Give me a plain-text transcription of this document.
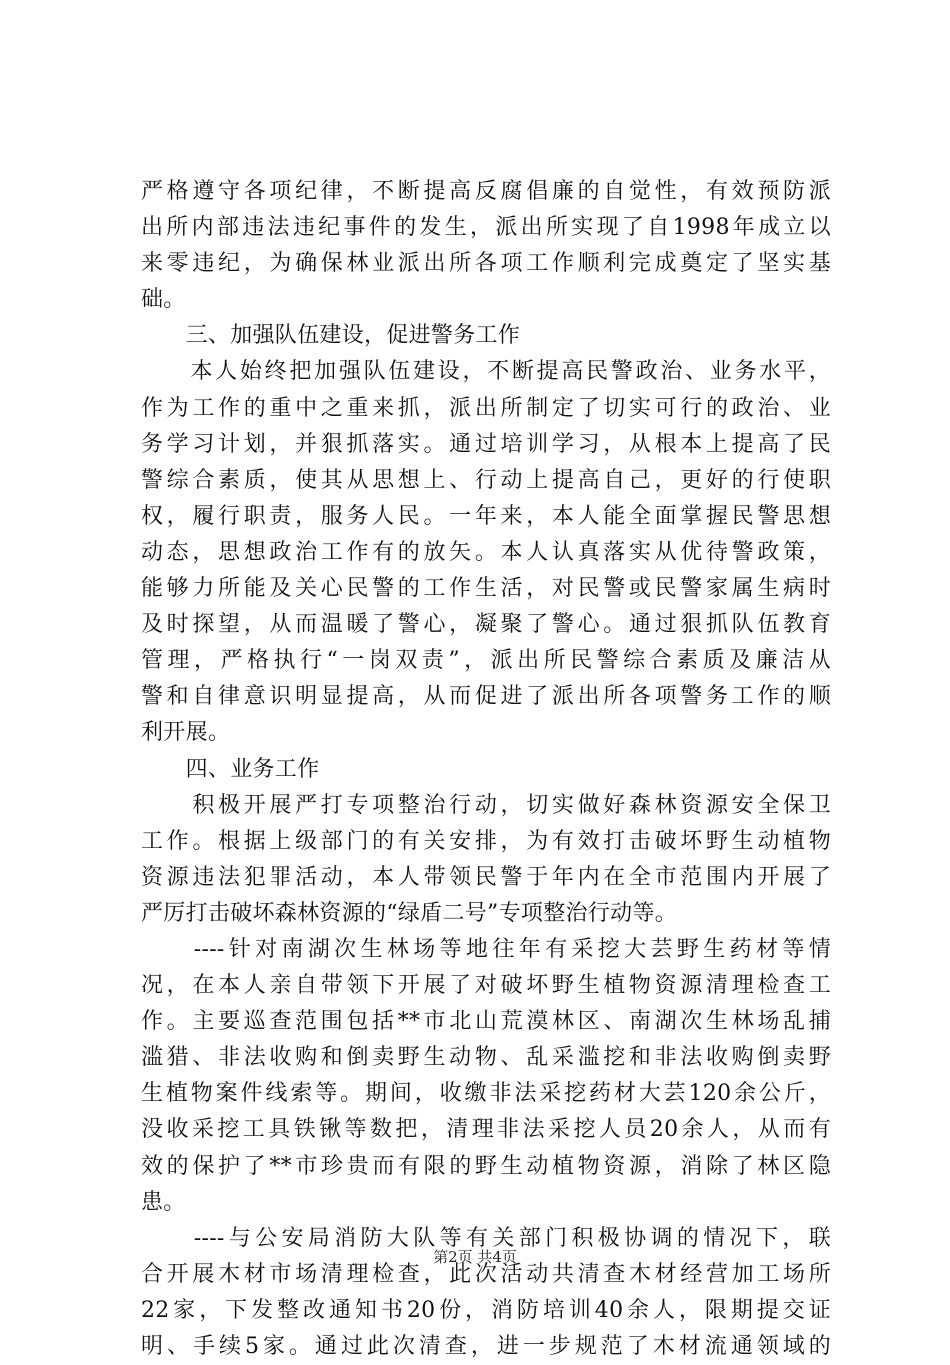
严格遵守各项纪律，不断提高反腐倡廉的自觉性，有效预防派
出所内部违法违纪事件的发生，派出所实现了自1998年成立以
来零违纪，为确保林业派出所各项工作顺利完成奠定了坚实基
础。
　　三、加强队伍建设，促进警务工作
　　本人始终把加强队伍建设，不断提高民警政治、业务水平，
作为工作的重中之重来抓，派出所制定了切实可行的政治、业
务学习计划，并狠抓落实。通过培训学习，从根本上提高了民
警综合素质，使其从思想上、行动上提高自己，更好的行使职
权，履行职责，服务人民。一年来，本人能全面掌握民警思想
动态，思想政治工作有的放矢。本人认真落实从优待警政策，
能够力所能及关心民警的工作生活，对民警或民警家属生病时
及时探望，从而温暖了警心，凝聚了警心。通过狠抓队伍教育
管理，严格执行“一岗双责”，派出所民警综合素质及廉洁从
警和自律意识明显提高，从而促进了派出所各项警务工作的顺
利开展。
　　四、业务工作
　　积极开展严打专项整治行动，切实做好森林资源安全保卫
工作。根据上级部门的有关安排，为有效打击破坏野生动植物
资源违法犯罪活动，本人带领民警于年内在全市范围内开展了
严厉打击破坏森林资源的“绿盾二号”专项整治行动等。
　　----针对南湖次生林场等地往年有采挖大芸野生药材等情
况，在本人亲自带领下开展了对破坏野生植物资源清理检查工
作。主要巡查范围包括**市北山荒漠林区、南湖次生林场乱捕
滥猎、非法收购和倒卖野生动物、乱采滥挖和非法收购倒卖野
生植物案件线索等。期间，收缴非法采挖药材大芸120余公斤，
没收采挖工具铁锹等数把，清理非法采挖人员20余人，从而有
效的保护了**市珍贵而有限的野生动植物资源，消除了林区隐
患。
　　----与公安局消防大队等有关部门积极协调的情况下，联
合开展木材市场清理检查，此次活动共清查木材经营加工场所
22家，下发整改通知书20份，消防培训40余人，限期提交证
明、手续5家。通过此次清查，进一步规范了木材流通领域的
第2页 共4页
